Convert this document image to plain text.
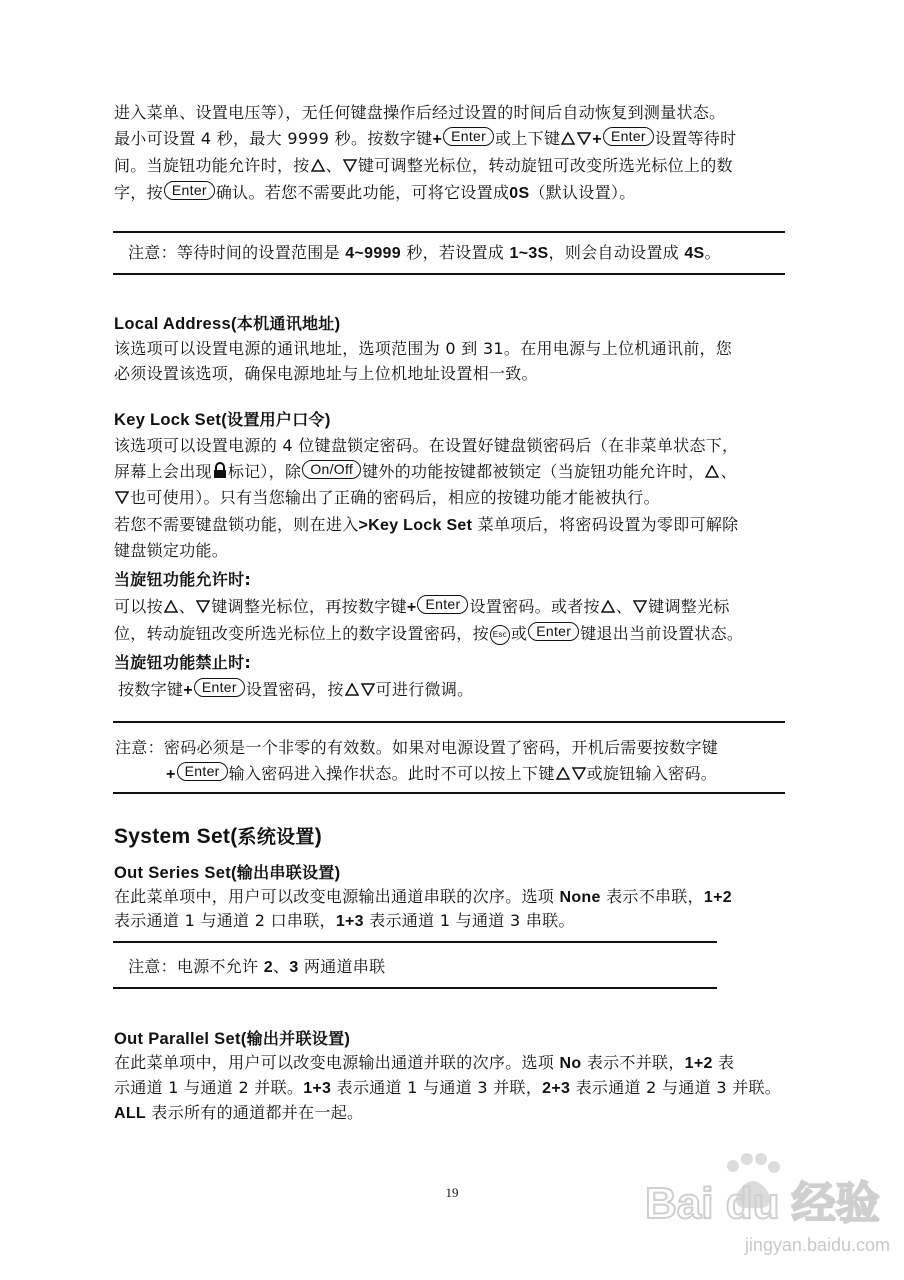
进入菜单、设置电压等），无任何键盘操作后经过设置的时间后自动恢复到测量状态。
最小可设置 4 秒，最大 9999 秒。按数字键+ Enter 或上下键 + Enter 设置等待时
间。当旋钮功能允许时，按 、 键可调整光标位，转动旋钮可改变所选光标位上的数
字，按 Enter 确认。若您不需要此功能，可将它设置成0S（默认设置）。
注意：等待时间的设置范围是 4~9999 秒，若设置成 1~3S，则会自动设置成 4S。
Local Address(本机通讯地址)
该选项可以设置电源的通讯地址，选项范围为 0 到 31。在用电源与上位机通讯前，您
必须设置该选项，确保电源地址与上位机地址设置相一致。
Key Lock Set(设置用户口令)
该选项可以设置电源的 4 位键盘锁定密码。在设置好键盘锁密码后（在非菜单状态下，
屏幕上会出现 标记），除 On/Off 键外的功能按键都被锁定（当旋钮功能允许时， 、
也可使用）。只有当您输出了正确的密码后，相应的按键功能才能被执行。
若您不需要键盘锁功能，则在进入>Key Lock Set 菜单项后，将密码设置为零即可解除
键盘锁定功能。
当旋钮功能允许时:
可以按 、 键调整光标位，再按数字键+ Enter 设置密码。或者按 、 键调整光标
位，转动旋钮改变所选光标位上的数字设置密码，按 Esc 或 Enter 键退出当前设置状态。
当旋钮功能禁止时:
按数字键+ Enter 设置密码，按 可进行微调。
注意：密码必须是一个非零的有效数。如果对电源设置了密码，开机后需要按数字键
+ Enter 输入密码进入操作状态。此时不可以按上下键 或旋钮输入密码。
System Set(系统设置)
Out Series Set(输出串联设置)
在此菜单项中，用户可以改变电源输出通道串联的次序。选项 None 表示不串联，1+2
表示通道 1 与通道 2 口串联，1+3 表示通道 1 与通道 3 串联。
注意：电源不允许 2、3 两通道串联
Out Parallel Set(输出并联设置)
在此菜单项中，用户可以改变电源输出通道并联的次序。选项 No 表示不并联，1+2 表
示通道 1 与通道 2 并联。1+3 表示通道 1 与通道 3 并联，2+3 表示通道 2 与通道 3 并联。
ALL 表示所有的通道都并在一起。
19	Bai du 经验
jingyan.baidu.com
